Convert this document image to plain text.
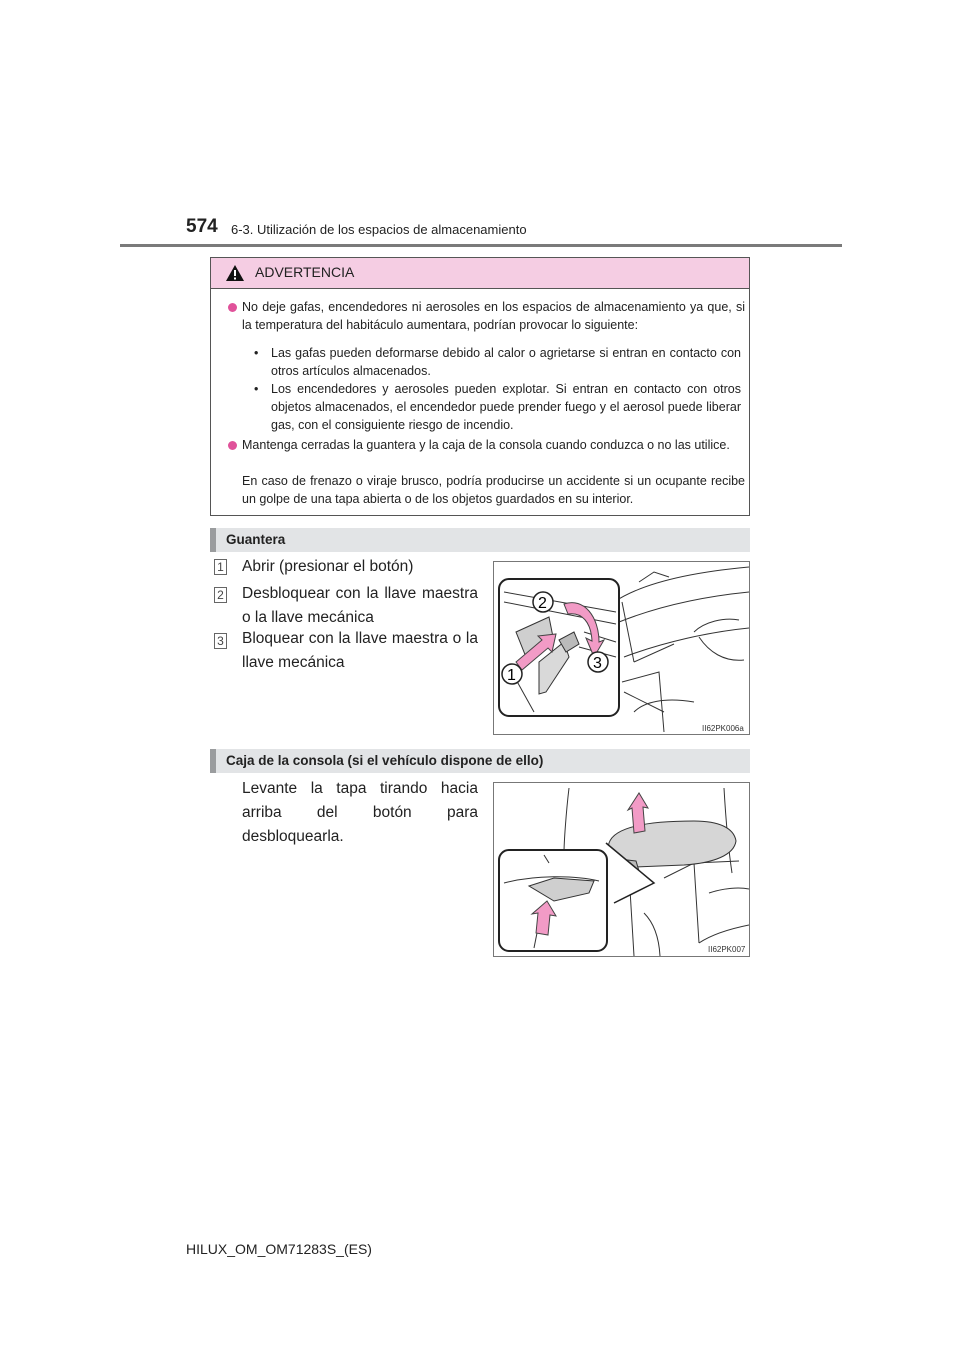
574 6-3. Utilización de los espacios de almacenamiento
ADVERTENCIA
No deje gafas, encendedores ni aerosoles en los espacios de almacenamiento ya que, si la temperatura del habitáculo aumentara, podrían provocar lo siguiente:
• Las gafas pueden deformarse debido al calor o agrietarse si entran en contacto con otros artículos almacenados.
• Los encendedores y aerosoles pueden explotar. Si entran en contacto con otros objetos almacenados, el encendedor puede prender fuego y el aerosol puede liberar gas, con el consiguiente riesgo de incendio.
Mantenga cerradas la guantera y la caja de la consola cuando conduzca o no las utilice.
En caso de frenazo o viraje brusco, podría producirse un accidente si un ocupante recibe un golpe de una tapa abierta o de los objetos guardados en su interior.
Guantera
1 Abrir (presionar el botón)
2 Desbloquear con la llave maestra o la llave mecánica
3 Bloquear con la llave maestra o la llave mecánica
2
1
3
II62PK006a
Caja de la consola (si el vehículo dispone de ello)
Levante la tapa tirando hacia arriba del botón para desbloquearla.
II62PK007
HILUX_OM_OM71283S_(ES)
